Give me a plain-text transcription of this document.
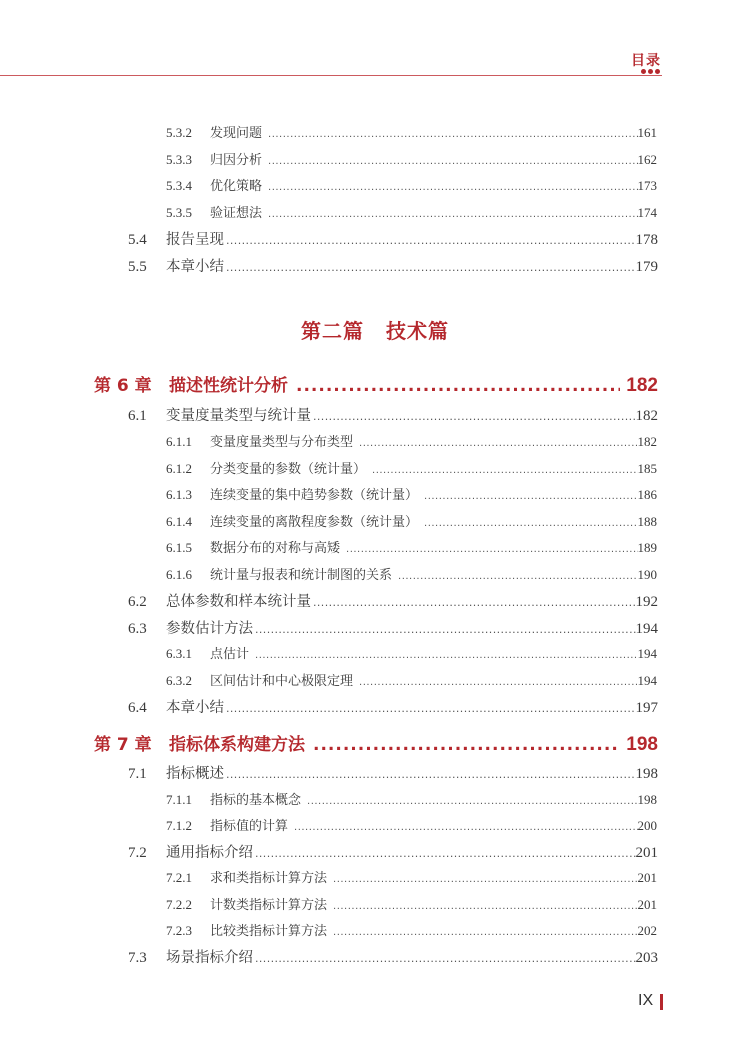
目录
5.3.2	发现问题 .....	161
5.3.3	归因分析 .....	162
5.3.4	优化策略 .....	173
5.3.5	验证想法 .....	174
5.4	报告呈现 .....	178
5.5	本章小结 .....	179
第二篇 技术篇
第 6 章	描述性统计分析 .....	182
6.1	变量度量类型与统计量 .....	182
6.1.1	变量度量类型与分布类型 .....	182
6.1.2	分类变量的参数（统计量） .....	185
6.1.3	连续变量的集中趋势参数（统计量） .....	186
6.1.4	连续变量的离散程度参数（统计量） .....	188
6.1.5	数据分布的对称与高矮 .....	189
6.1.6	统计量与报表和统计制图的关系 .....	190
6.2	总体参数和样本统计量 .....	192
6.3	参数估计方法 .....	194
6.3.1	点估计 .....	194
6.3.2	区间估计和中心极限定理 .....	194
6.4	本章小结 .....	197
第 7 章	指标体系构建方法 .....	198
7.1	指标概述 .....	198
7.1.1	指标的基本概念 .....	198
7.1.2	指标值的计算 .....	200
7.2	通用指标介绍 .....	201
7.2.1	求和类指标计算方法 .....	201
7.2.2	计数类指标计算方法 .....	201
7.2.3	比较类指标计算方法 .....	202
7.3	场景指标介绍 .....	203
IX
